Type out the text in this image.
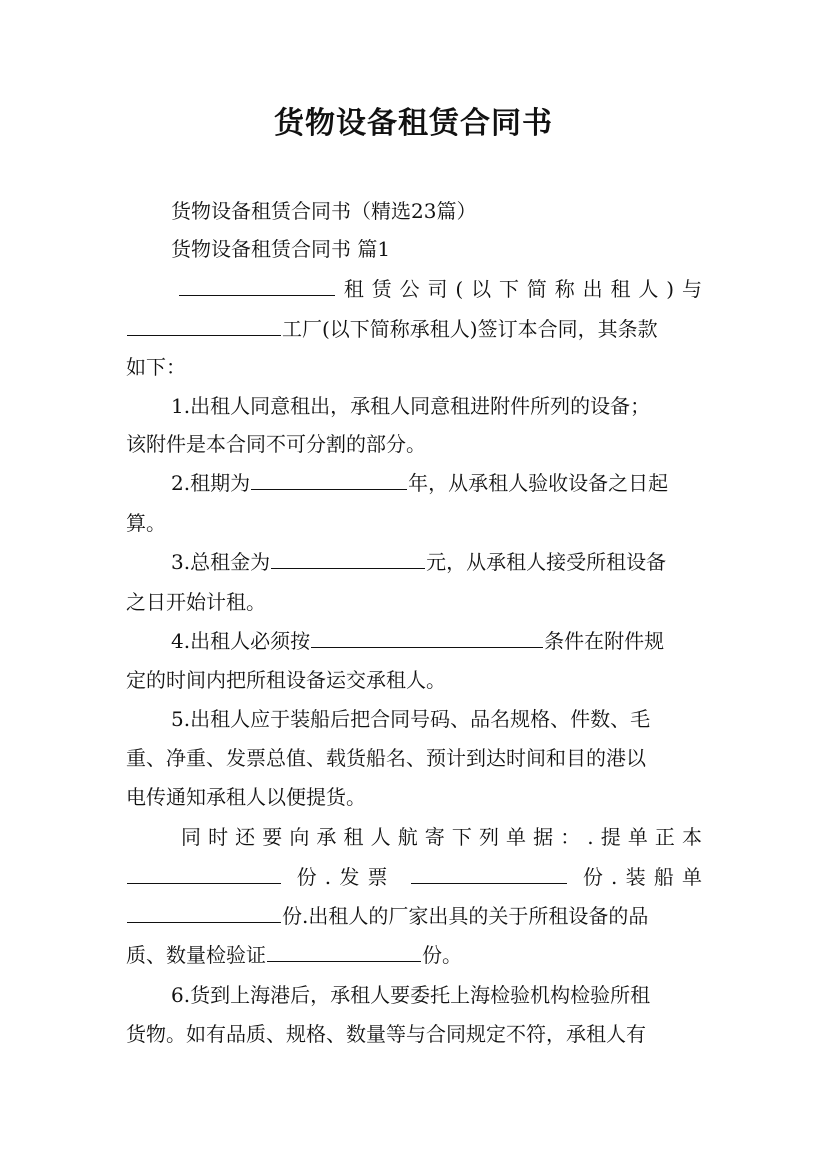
货物设备租赁合同书
货物设备租赁合同书（精选23篇）
货物设备租赁合同书 篇1
租赁公司(以下简称出租人)与
工厂(以下简称承租人)签订本合同，其条款
如下：
1.出租人同意租出，承租人同意租进附件所列的设备；
该附件是本合同不可分割的部分。
2.租期为	年，从承租人验收设备之日起
算。
3.总租金为	元，从承租人接受所租设备
之日开始计租。
4.出租人必须按	条件在附件规
定的时间内把所租设备运交承租人。
5.出租人应于装船后把合同号码、品名规格、件数、毛
重、净重、发票总值、载货船名、预计到达时间和目的港以
电传通知承租人以便提货。
同时还要向承租人航寄下列单据：.提单正本
份.发票	份.装船单
份.出租人的厂家出具的关于所租设备的品
质、数量检验证	份。
6.货到上海港后，承租人要委托上海检验机构检验所租
货物。如有品质、规格、数量等与合同规定不符，承租人有
